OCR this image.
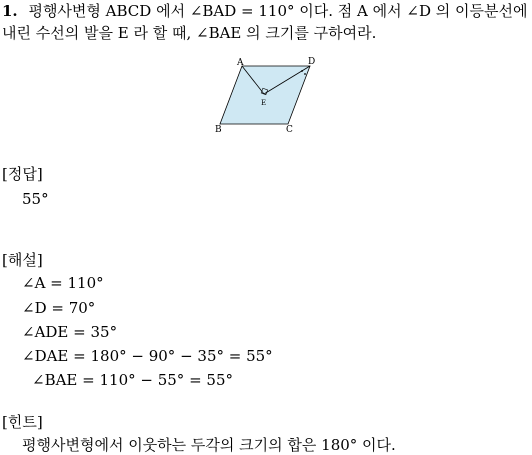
1. 평행사변형 ABCD 에서 ∠BAD = 110° 이다. 점 A 에서 ∠D 의 이등분선에
내린 수선의 발을 E 라 할 때, ∠BAE 의 크기를 구하여라.
A	D
E
B	C
[정답]
55°
[해설]
∠A = 110°
∠D = 70°
∠ADE = 35°
∠DAE = 180° − 90° − 35° = 55°
∠BAE = 110° − 55° = 55°
[힌트]
평행사변형에서 이웃하는 두각의 크기의 합은 180° 이다.
